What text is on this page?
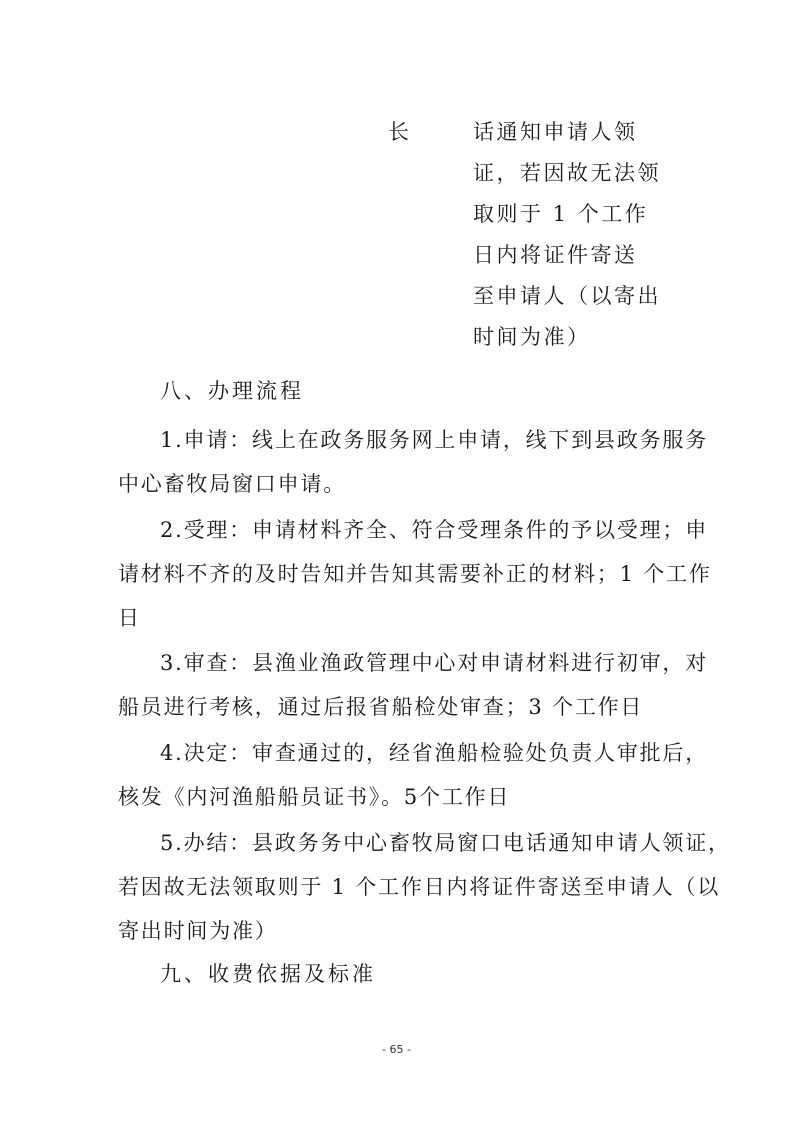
长	话通知申请人领
证，若因故无法领
取则于 1 个工作
日内将证件寄送
至申请人（以寄出
时间为准）
八、办理流程
1.申请：线上在政务服务网上申请，线下到县政务服务
中心畜牧局窗口申请。
2.受理：申请材料齐全、符合受理条件的予以受理；申
请材料不齐的及时告知并告知其需要补正的材料；1 个工作
日
3.审查：县渔业渔政管理中心对申请材料进行初审，对
船员进行考核，通过后报省船检处审查；3 个工作日
4.决定：审查通过的，经省渔船检验处负责人审批后，
核发《内河渔船船员证书》。5个工作日
5.办结：县政务务中心畜牧局窗口电话通知申请人领证，
若因故无法领取则于 1 个工作日内将证件寄送至申请人（以
寄出时间为准）
九、收费依据及标准
- 65 -
